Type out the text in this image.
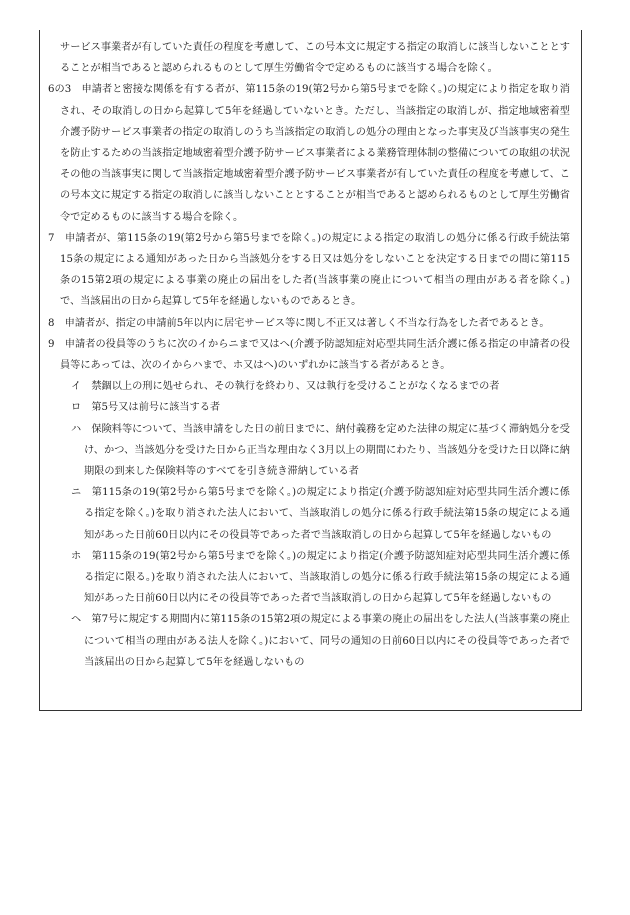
サービス事業者が有していた責任の程度を考慮して、この号本文に規定する指定の取消しに該当しないこととすることが相当であると認められるものとして厚生労働省令で定めるものに該当する場合を除く。

6の3　申請者と密接な関係を有する者が、第115条の19(第2号から第5号までを除く。)の規定により指定を取り消され、その取消しの日から起算して5年を経過していないとき。ただし、当該指定の取消しが、指定地域密着型介護予防サービス事業者の指定の取消しのうち当該指定の取消しの処分の理由となった事実及び当該事実の発生を防止するための当該指定地域密着型介護予防サービス事業者による業務管理体制の整備についての取組の状況その他の当該事実に関して当該指定地域密着型介護予防サービス事業者が有していた責任の程度を考慮して、この号本文に規定する指定の取消しに該当しないこととすることが相当であると認められるものとして厚生労働省令で定めるものに該当する場合を除く。

7　申請者が、第115条の19(第2号から第5号までを除く。)の規定による指定の取消しの処分に係る行政手続法第15条の規定による通知があった日から当該処分をする日又は処分をしないことを決定する日までの間に第115条の15第2項の規定による事業の廃止の届出をした者(当該事業の廃止について相当の理由がある者を除く。)で、当該届出の日から起算して5年を経過しないものであるとき。

8　申請者が、指定の申請前5年以内に居宅サービス等に関し不正又は著しく不当な行為をした者であるとき。

9　申請者の役員等のうちに次のイからニまで又はへ(介護予防認知症対応型共同生活介護に係る指定の申請者の役員等にあっては、次のイからハまで、ホ又はへ)のいずれかに該当する者があるとき。

イ　禁錮以上の刑に処せられ、その執行を終わり、又は執行を受けることがなくなるまでの者

ロ　第5号又は前号に該当する者

ハ　保険料等について、当該申請をした日の前日までに、納付義務を定めた法律の規定に基づく滞納処分を受け、かつ、当該処分を受けた日から正当な理由なく3月以上の期間にわたり、当該処分を受けた日以降に納期限の到来した保険料等のすべてを引き続き滞納している者

ニ　第115条の19(第2号から第5号までを除く。)の規定により指定(介護予防認知症対応型共同生活介護に係る指定を除く。)を取り消された法人において、当該取消しの処分に係る行政手続法第15条の規定による通知があった日前60日以内にその役員等であった者で当該取消しの日から起算して5年を経過しないもの

ホ　第115条の19(第2号から第5号までを除く。)の規定により指定(介護予防認知症対応型共同生活介護に係る指定に限る。)を取り消された法人において、当該取消しの処分に係る行政手続法第15条の規定による通知があった日前60日以内にその役員等であった者で当該取消しの日から起算して5年を経過しないもの

ヘ　第7号に規定する期間内に第115条の15第2項の規定による事業の廃止の届出をした法人(当該事業の廃止について相当の理由がある法人を除く。)において、同号の通知の日前60日以内にその役員等であった者で当該届出の日から起算して5年を経過しないもの
